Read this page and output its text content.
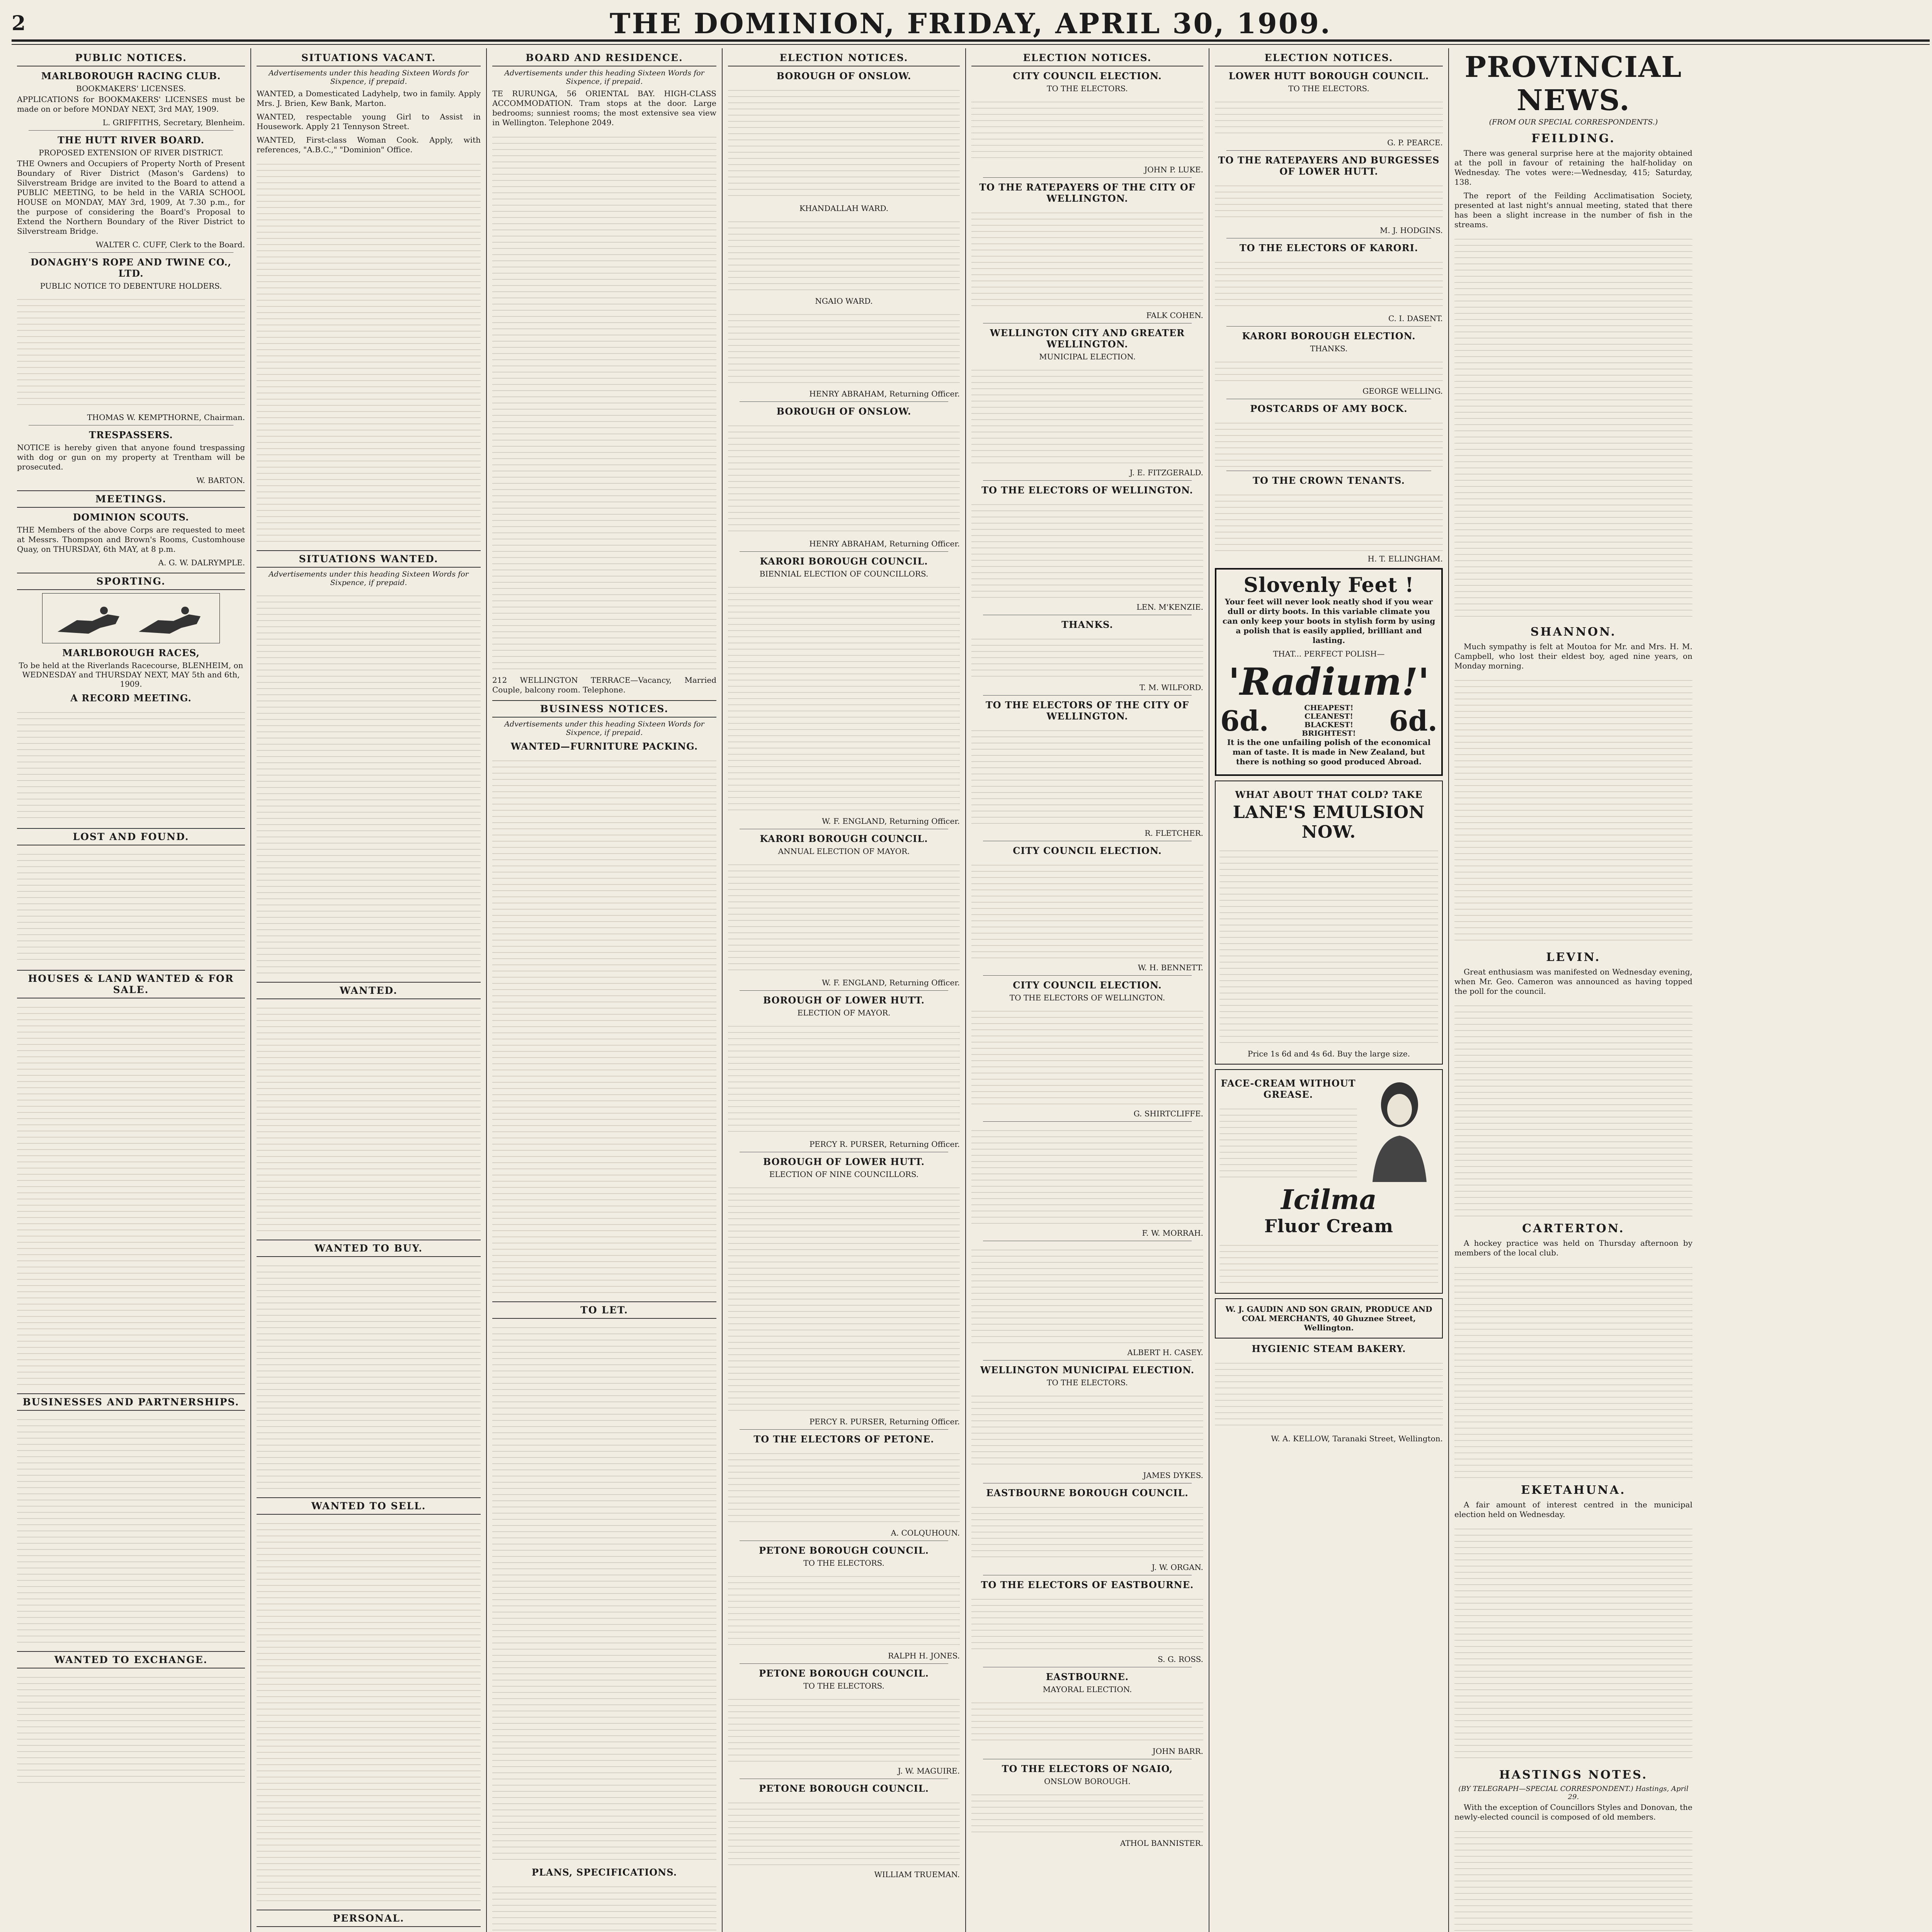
2	THE DOMINION, FRIDAY, APRIL 30, 1909.
PUBLIC NOTICES.
MARLBOROUGH RACING CLUB.
BOOKMAKERS' LICENSES.

APPLICATIONS for BOOKMAKERS' LICENSES must be made on or before MONDAY NEXT, 3rd MAY, 1909.

L. GRIFFITHS, Secretary, Blenheim.
THE HUTT RIVER BOARD.
PROPOSED EXTENSION OF RIVER DISTRICT.

THE Owners and Occupiers of Property North of Present Boundary of River District (Mason's Gardens) to Silverstream Bridge are invited to the Board to attend a PUBLIC MEETING, to be held in the VARIA SCHOOL HOUSE on MONDAY, MAY 3rd, 1909, At 7.30 p.m., for the purpose of considering the Board's Proposal to Extend the Northern Boundary of the River District to Silverstream Bridge.

WALTER C. CUFF, Clerk to the Board.
DONAGHY'S ROPE AND TWINE CO., LTD.
PUBLIC NOTICE TO DEBENTURE HOLDERS.
THOMAS W. KEMPTHORNE, Chairman.
TRESPASSERS.

NOTICE is hereby given that anyone found trespassing with dog or gun on my property at Trentham will be prosecuted.

W. BARTON.
MEETINGS.
DOMINION SCOUTS.

THE Members of the above Corps are requested to meet at Messrs. Thompson and Brown's Rooms, Customhouse Quay, on THURSDAY, 6th MAY, at 8 p.m.

A. G. W. DALRYMPLE.
SPORTING.
MARLBOROUGH RACES,
To be held at the Riverlands Racecourse, BLENHEIM, on WEDNESDAY and THURSDAY NEXT, MAY 5th and 6th, 1909.
A RECORD MEETING.
LOST AND FOUND.
HOUSES & LAND WANTED & FOR SALE.
BUSINESSES AND PARTNERSHIPS.
WANTED TO EXCHANGE.
SITUATIONS VACANT.
Advertisements under this heading Sixteen Words for Sixpence, if prepaid.

WANTED, a Domesticated Ladyhelp, two in family. Apply Mrs. J. Brien, Kew Bank, Marton.

WANTED, respectable young Girl to Assist in Housework. Apply 21 Tennyson Street.

WANTED, First-class Woman Cook. Apply, with references, "A.B.C.," "Dominion" Office.

SITUATIONS WANTED.
Advertisements under this heading Sixteen Words for Sixpence, if prepaid.
WANTED.
WANTED TO BUY.
WANTED TO SELL.
PERSONAL.
BOARD AND RESIDENCE.
Advertisements under this heading Sixteen Words for Sixpence, if prepaid.

TE RURUNGA, 56 ORIENTAL BAY. HIGH-CLASS ACCOMMODATION. Tram stops at the door. Large bedrooms; sunniest rooms; the most extensive sea view in Wellington. Telephone 2049.

212 WELLINGTON TERRACE—Vacancy, Married Couple, balcony room. Telephone.

BUSINESS NOTICES.
Advertisements under this heading Sixteen Words for Sixpence, if prepaid.
WANTED—FURNITURE PACKING.
TO LET.
PLANS, SPECIFICATIONS.
ELECTION NOTICES.
BOROUGH OF ONSLOW.
KHANDALLAH WARD.
NGAIO WARD.
HENRY ABRAHAM, Returning Officer.
BOROUGH OF ONSLOW.
HENRY ABRAHAM, Returning Officer.
KARORI BOROUGH COUNCIL.
BIENNIAL ELECTION OF COUNCILLORS.
W. F. ENGLAND, Returning Officer.
KARORI BOROUGH COUNCIL.
ANNUAL ELECTION OF MAYOR.
W. F. ENGLAND, Returning Officer.
BOROUGH OF LOWER HUTT.
ELECTION OF MAYOR.
PERCY R. PURSER, Returning Officer.
BOROUGH OF LOWER HUTT.
ELECTION OF NINE COUNCILLORS.
PERCY R. PURSER, Returning Officer.
TO THE ELECTORS OF PETONE.
A. COLQUHOUN.
PETONE BOROUGH COUNCIL.
TO THE ELECTORS.
RALPH H. JONES.
PETONE BOROUGH COUNCIL.
TO THE ELECTORS.
J. W. MAGUIRE.
PETONE BOROUGH COUNCIL.
WILLIAM TRUEMAN.
ELECTION NOTICES.
CITY COUNCIL ELECTION.
TO THE ELECTORS.
JOHN P. LUKE.
TO THE RATEPAYERS OF THE CITY OF WELLINGTON.
FALK COHEN.
WELLINGTON CITY AND GREATER WELLINGTON.
MUNICIPAL ELECTION.
J. E. FITZGERALD.
TO THE ELECTORS OF WELLINGTON.
LEN. M'KENZIE.
THANKS.
T. M. WILFORD.
TO THE ELECTORS OF THE CITY OF WELLINGTON.
R. FLETCHER.
CITY COUNCIL ELECTION.
W. H. BENNETT.
CITY COUNCIL ELECTION.
TO THE ELECTORS OF WELLINGTON.
G. SHIRTCLIFFE.
F. W. MORRAH.
ALBERT H. CASEY.
WELLINGTON MUNICIPAL ELECTION.
TO THE ELECTORS.
JAMES DYKES.
EASTBOURNE BOROUGH COUNCIL.
J. W. ORGAN.
TO THE ELECTORS OF EASTBOURNE.
S. G. ROSS.
EASTBOURNE.
MAYORAL ELECTION.
JOHN BARR.
TO THE ELECTORS OF NGAIO,
ONSLOW BOROUGH.
ATHOL BANNISTER.
ELECTION NOTICES.
LOWER HUTT BOROUGH COUNCIL.
TO THE ELECTORS.
G. P. PEARCE.
TO THE RATEPAYERS AND BURGESSES OF LOWER HUTT.
M. J. HODGINS.
TO THE ELECTORS OF KARORI.
C. I. DASENT.
KARORI BOROUGH ELECTION.
THANKS.
GEORGE WELLING.
POSTCARDS OF AMY BOCK.
TO THE CROWN TENANTS.
H. T. ELLINGHAM.
Slovenly Feet !

Your feet will never look neatly shod if you wear dull or dirty boots. In this variable climate you can only keep your boots in stylish form by using a polish that is easily applied, brilliant and lasting.

THAT... PERFECT POLISH—
'Radium!'
6d.	CHEAPEST! CLEANEST! BLACKEST! BRIGHTEST!	6d.

It is the one unfailing polish of the economical man of taste. It is made in New Zealand, but there is nothing so good produced Abroad.

WHAT ABOUT THAT COLD? TAKE
LANE'S EMULSION NOW.
Price 1s 6d and 4s 6d. Buy the large size.
FACE-CREAM WITHOUT GREASE.
Icilma
Fluor Cream
W. J. GAUDIN AND SON GRAIN, PRODUCE AND COAL MERCHANTS, 40 Ghuznee Street, Wellington.
HYGIENIC STEAM BAKERY.
W. A. KELLOW, Taranaki Street, Wellington.
PROVINCIAL NEWS.
(FROM OUR SPECIAL CORRESPONDENTS.)
FEILDING.

There was general surprise here at the majority obtained at the poll in favour of retaining the half-holiday on Wednesday. The votes were:—Wednesday, 415; Saturday, 138.

The report of the Feilding Acclimatisation Society, presented at last night's annual meeting, stated that there has been a slight increase in the number of fish in the streams.

SHANNON.

Much sympathy is felt at Moutoa for Mr. and Mrs. H. M. Campbell, who lost their eldest boy, aged nine years, on Monday morning.

LEVIN.

Great enthusiasm was manifested on Wednesday evening, when Mr. Geo. Cameron was announced as having topped the poll for the council.

CARTERTON.

A hockey practice was held on Thursday afternoon by members of the local club.

EKETAHUNA.

A fair amount of interest centred in the municipal election held on Wednesday.

HASTINGS NOTES.
(BY TELEGRAPH—SPECIAL CORRESPONDENT.) Hastings, April 29.

With the exception of Councillors Styles and Donovan, the newly-elected council is composed of old members.
